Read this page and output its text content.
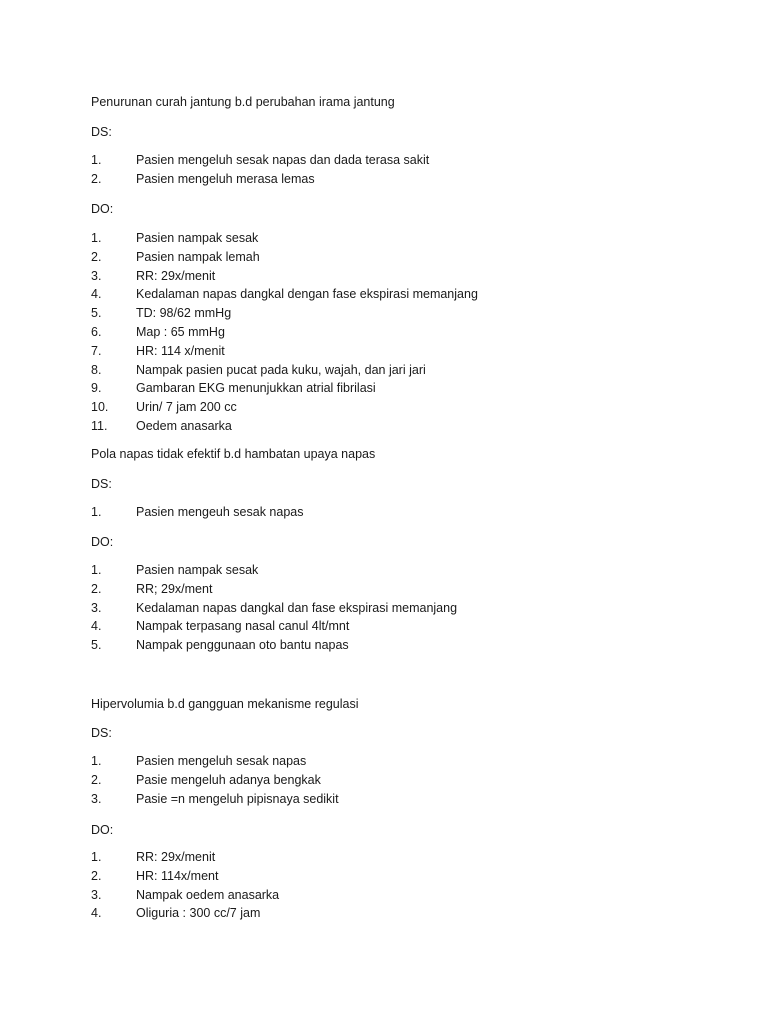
Penurunan curah jantung b.d perubahan irama jantung
DS:
1.	Pasien mengeluh sesak napas dan dada terasa sakit
2.	Pasien mengeluh merasa lemas
DO:
1.	Pasien nampak sesak
2.	Pasien nampak lemah
3.	RR: 29x/menit
4.	Kedalaman napas dangkal dengan fase ekspirasi memanjang
5.	TD: 98/62 mmHg
6.	Map : 65 mmHg
7.	HR: 114 x/menit
8.	Nampak pasien pucat pada kuku, wajah, dan jari jari
9.	Gambaran EKG menunjukkan atrial fibrilasi
10.	Urin/ 7 jam 200 cc
11.	Oedem anasarka
Pola napas tidak efektif b.d hambatan upaya napas
DS:
1.	Pasien mengeuh sesak napas
DO:
1.	Pasien nampak sesak
2.	RR; 29x/ment
3.	Kedalaman napas dangkal dan fase ekspirasi memanjang
4.	Nampak terpasang nasal canul 4lt/mnt
5.	Nampak penggunaan oto bantu napas
Hipervolumia b.d gangguan mekanisme regulasi
DS:
1.	Pasien mengeluh sesak napas
2.	Pasie mengeluh adanya bengkak
3.	Pasie =n mengeluh pipisnaya sedikit
DO:
1.	RR: 29x/menit
2.	HR: 114x/ment
3.	Nampak oedem anasarka
4.	Oliguria : 300 cc/7 jam
